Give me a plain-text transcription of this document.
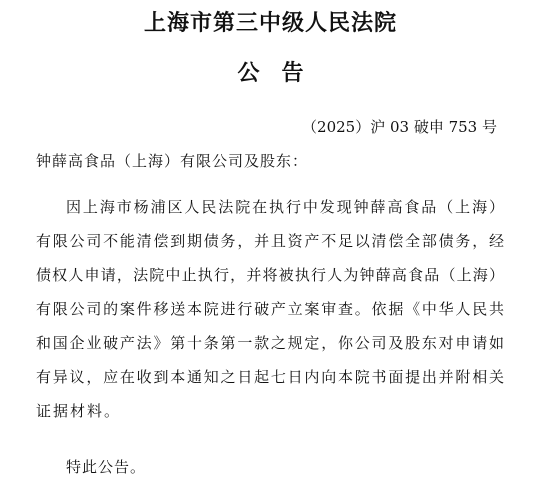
上海市第三中级人民法院
公　告
（2025）沪 03 破申 753 号
钟薛高食品（上海）有限公司及股东：
因上海市杨浦区人民法院在执行中发现钟薛高食品（上海）
有限公司不能清偿到期债务，并且资产不足以清偿全部债务，经
债权人申请，法院中止执行，并将被执行人为钟薛高食品（上海）
有限公司的案件移送本院进行破产立案审查。依据《中华人民共
和国企业破产法》第十条第一款之规定，你公司及股东对申请如
有异议，应在收到本通知之日起七日内向本院书面提出并附相关
证据材料。
特此公告。
